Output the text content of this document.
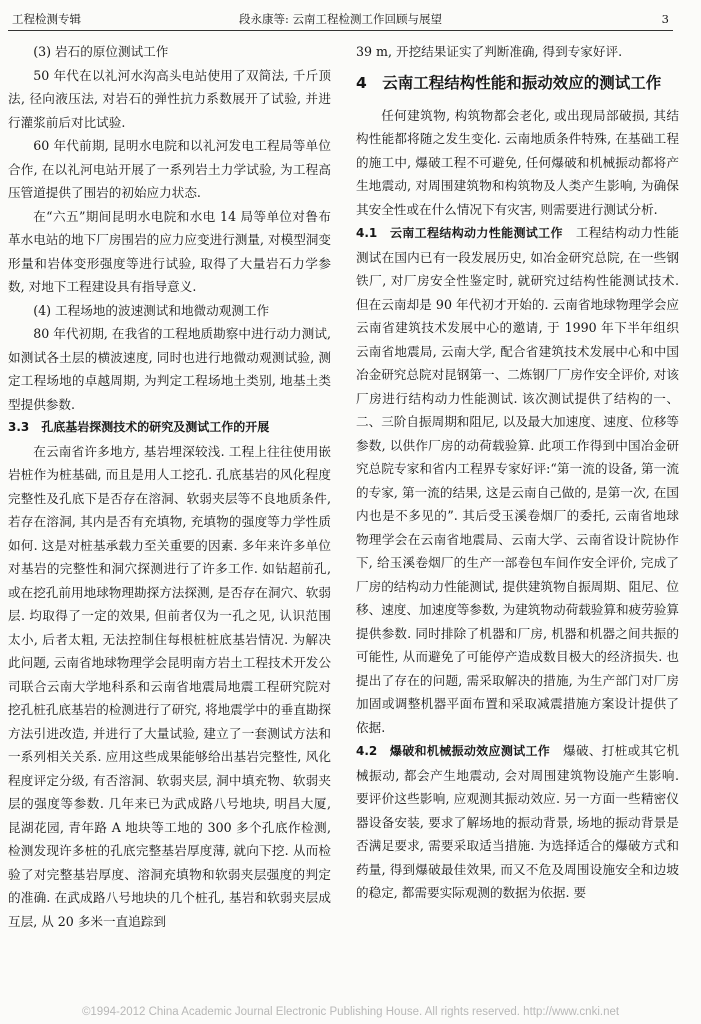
工程检测专辑	段永康等: 云南工程检测工作回顾与展望	3
(3) 岩石的原位测试工作

50 年代在以礼河水沟高头电站使用了双简法, 千斤顶法, 径向液压法, 对岩石的弹性抗力系数展开了试验, 并进行灌浆前后对比试验.

60 年代前期, 昆明水电院和以礼河发电工程局等单位合作, 在以礼河电站开展了一系列岩土力学试验, 为工程高压管道提供了围岩的初始应力状态.

在“六五”期间昆明水电院和水电 14 局等单位对鲁布革水电站的地下厂房围岩的应力应变进行测量, 对模型洞变形量和岩体变形强度等进行试验, 取得了大量岩石力学参数, 对地下工程建设具有指导意义.

(4) 工程场地的波速测试和地微动观测工作

80 年代初期, 在我省的工程地质勘察中进行动力测试, 如测试各土层的横波速度, 同时也进行地微动观测试验, 测定工程场地的卓越周期, 为判定工程场地土类别, 地基土类型提供参数.

3.3　孔底基岩探测技术的研究及测试工作的开展

在云南省许多地方, 基岩埋深较浅. 工程上往往使用嵌岩桩作为桩基础, 而且是用人工挖孔. 孔底基岩的风化程度完整性及孔底下是否存在溶洞、软弱夹层等不良地质条件, 若存在溶洞, 其内是否有充填物, 充填物的强度等力学性质如何. 这是对桩基承载力至关重要的因素. 多年来许多单位对基岩的完整性和洞穴探测进行了许多工作. 如钻超前孔, 或在挖孔前用地球物理勘探方法探测, 是否存在洞穴、软弱层. 均取得了一定的效果, 但前者仅为一孔之见, 认识范围太小, 后者太粗, 无法控制住每根桩桩底基岩情况. 为解决此问题, 云南省地球物理学会昆明南方岩土工程技术开发公司联合云南大学地科系和云南省地震局地震工程研究院对挖孔桩孔底基岩的检测进行了研究, 将地震学中的垂直勘探方法引进改造, 并进行了大量试验, 建立了一套测试方法和一系列相关关系. 应用这些成果能够给出基岩完整性, 风化程度评定分级, 有否溶洞、软弱夹层, 洞中填充物、软弱夹层的强度等参数. 几年来已为武成路八号地块, 明昌大厦, 昆湖花园, 青年路 A 地块等工地的 300 多个孔底作检测, 检测发现许多桩的孔底完整基岩厚度薄, 就向下挖. 从而检验了对完整基岩厚度、溶洞充填物和软弱夹层强度的判定的准确. 在武成路八号地块的几个桩孔, 基岩和软弱夹层成互层, 从 20 多米一直追踪到

39 m, 开挖结果证实了判断准确, 得到专家好评.

4　云南工程结构性能和振动效应的测试工作

任何建筑物, 构筑物都会老化, 或出现局部破损, 其结构性能都将随之发生变化. 云南地质条件特殊, 在基础工程的施工中, 爆破工程不可避免, 任何爆破和机械振动都将产生地震动, 对周围建筑物和构筑物及人类产生影响, 为确保其安全性或在什么情况下有灾害, 则需要进行测试分析.

4.1　云南工程结构动力性能测试工作　 工程结构动力性能测试在国内已有一段发展历史, 如冶金研究总院, 在一些钢铁厂, 对厂房安全性鉴定时, 就研究过结构性能测试技术. 但在云南却是 90 年代初才开始的. 云南省地球物理学会应云南省建筑技术发展中心的邀请, 于 1990 年下半年组织云南省地震局, 云南大学, 配合省建筑技术发展中心和中国冶金研究总院对昆钢第一、二炼钢厂厂房作安全评价, 对该厂房进行结构动力性能测试. 该次测试提供了结构的一、二、三阶自振周期和阻尼, 以及最大加速度、速度、位移等参数, 以供作厂房的动荷载验算. 此项工作得到中国冶金研究总院专家和省内工程界专家好评:“第一流的设备, 第一流的专家, 第一流的结果, 这是云南自己做的, 是第一次, 在国内也是不多见的”. 其后受玉溪卷烟厂的委托, 云南省地球物理学会在云南省地震局、云南大学、云南省设计院协作下, 给玉溪卷烟厂的生产一部卷包车间作安全评价, 完成了厂房的结构动力性能测试, 提供建筑物自振周期、阻尼、位移、速度、加速度等参数, 为建筑物动荷载验算和疲劳验算提供参数. 同时排除了机器和厂房, 机器和机器之间共振的可能性, 从而避免了可能停产造成数目极大的经济损失. 也提出了存在的问题, 需采取解决的措施, 为生产部门对厂房加固或调整机器平面布置和采取减震措施方案设计提供了依据.

4.2　爆破和机械振动效应测试工作　 爆破、打桩或其它机械振动, 都会产生地震动, 会对周围建筑物设施产生影响. 要评价这些影响, 应观测其振动效应. 另一方面一些精密仪器设备安装, 要求了解场地的振动背景, 场地的振动背景是否满足要求, 需要采取适当措施. 为选择适合的爆破方式和药量, 得到爆破最佳效果, 而又不危及周围设施安全和边坡的稳定, 都需要实际观测的数据为依据. 要

©1994-2012 China Academic Journal Electronic Publishing House. All rights reserved. http://www.cnki.net
